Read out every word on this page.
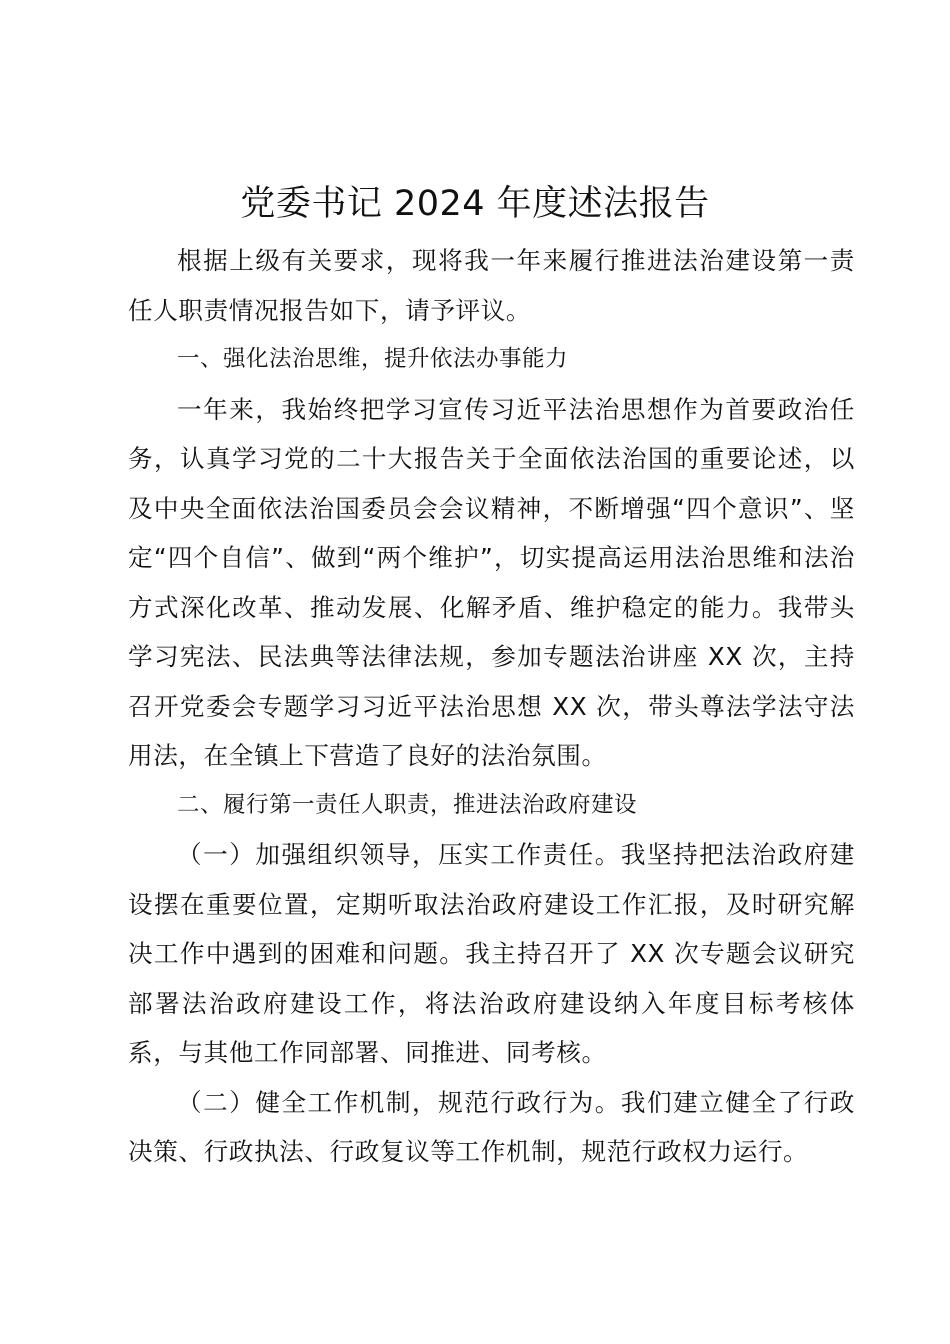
党委书记 2024 年度述法报告

根据上级有关要求，现将我一年来履行推进法治建设第一责任人职责情况报告如下，请予评议。

一、强化法治思维，提升依法办事能力

一年来，我始终把学习宣传习近平法治思想作为首要政治任务，认真学习党的二十大报告关于全面依法治国的重要论述，以及中央全面依法治国委员会会议精神，不断增强“四个意识”、坚定“四个自信”、做到“两个维护”，切实提高运用法治思维和法治方式深化改革、推动发展、化解矛盾、维护稳定的能力。我带头学习宪法、民法典等法律法规，参加专题法治讲座 XX 次，主持召开党委会专题学习习近平法治思想 XX 次，带头尊法学法守法用法，在全镇上下营造了良好的法治氛围。

二、履行第一责任人职责，推进法治政府建设

（一）加强组织领导，压实工作责任。我坚持把法治政府建设摆在重要位置，定期听取法治政府建设工作汇报，及时研究解决工作中遇到的困难和问题。我主持召开了 XX 次专题会议研究部署法治政府建设工作，将法治政府建设纳入年度目标考核体系，与其他工作同部署、同推进、同考核。

（二）健全工作机制，规范行政行为。我们建立健全了行政决策、行政执法、行政复议等工作机制，规范行政权力运行。
